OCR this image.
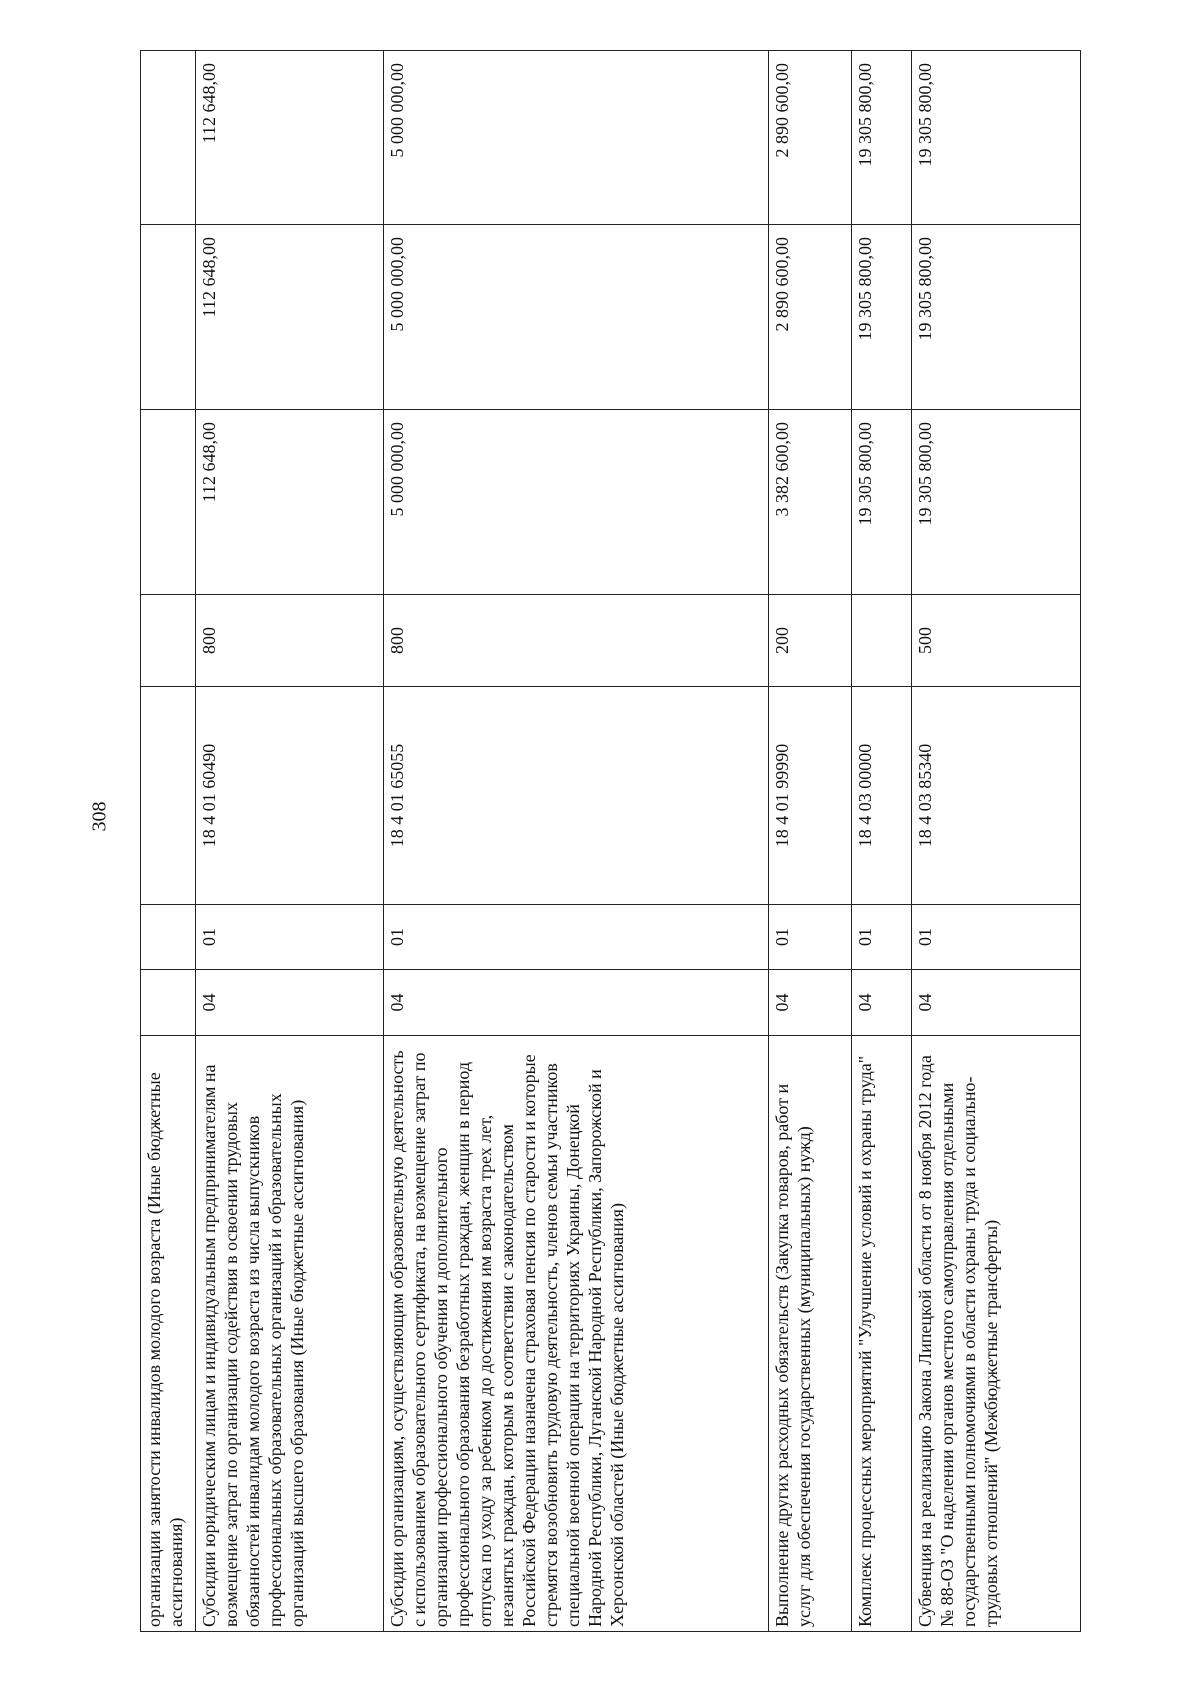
308
организации занятости инвалидов молодого возраста (Иные бюджетные ассигнования)							
Субсидии юридическим лицам и индивидуальным предпринимателям на возмещение затрат по организации содействия в освоении трудовых обязанностей инвалидам молодого возраста из числа выпускников профессиональных образовательных организаций и образовательных организаций высшего образования (Иные бюджетные ассигнования)	04	01	18 4 01 60490	800	112 648,00	112 648,00	112 648,00
Субсидии организациям, осуществляющим образовательную деятельность с использованием образовательного сертификата, на возмещение затрат по организации профессионального обучения и дополнительного профессионального образования безработных граждан, женщин в период отпуска по уходу за ребенком до достижения им возраста трех лет, незанятых граждан, которым в соответствии с законодательством Российской Федерации назначена страховая пенсия по старости и которые стремятся возобновить трудовую деятельность, членов семьи участников специальной военной операции на территориях Украины, Донецкой Народной Республики, Луганской Народной Республики, Запорожской и Херсонской областей (Иные бюджетные ассигнования)	04	01	18 4 01 65055	800	5 000 000,00	5 000 000,00	5 000 000,00
Выполнение других расходных обязательств (Закупка товаров, работ и услуг для обеспечения государственных (муниципальных) нужд)	04	01	18 4 01 99990	200	3 382 600,00	2 890 600,00	2 890 600,00
Комплекс процессных мероприятий "Улучшение условий и охраны труда"	04	01	18 4 03 00000		19 305 800,00	19 305 800,00	19 305 800,00
Субвенция на реализацию Закона Липецкой области от 8 ноября 2012 года № 88-ОЗ "О наделении органов местного самоуправления отдельными государственными полномочиями в области охраны труда и социально-трудовых отношений" (Межбюджетные трансферты)	04	01	18 4 03 85340	500	19 305 800,00	19 305 800,00	19 305 800,00
